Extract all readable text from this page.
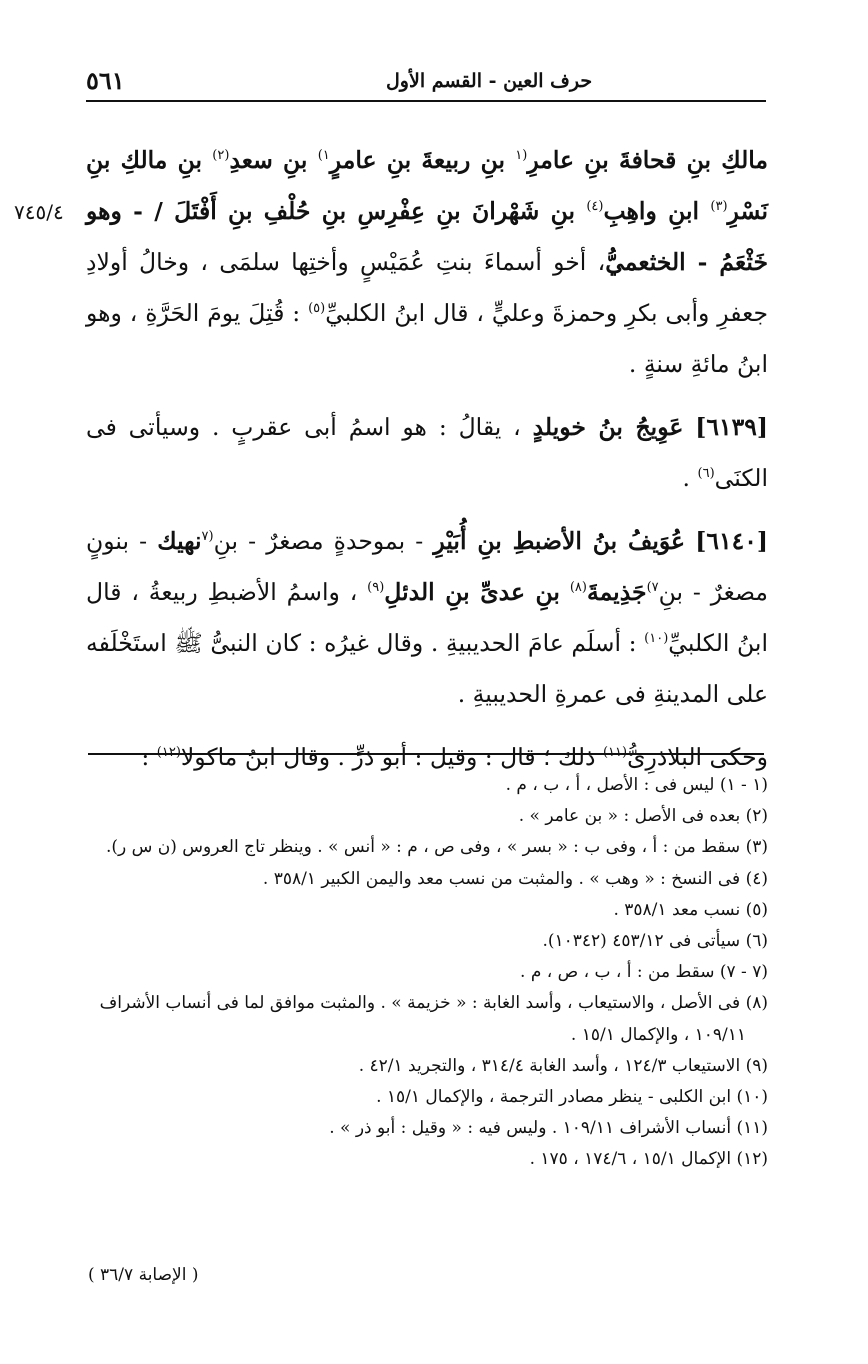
٥٦١	حرف العين - القسم الأول
٧٤٥/٤

مالكِ بنِ قحافةَ بنِ عامرِ$^{(١}$ بنِ ربيعةَ بنِ عامرٍ$^{١)}$ بنِ سعدِ$^{(٢)}$ بنِ مالكِ بنِ نَسْرِ$^{(٣)}$ ابنِ واهِبِ$^{(٤)}$ بنِ شَهْرانَ بنِ عِفْرِسِ بنِ حُلْفِ بنِ أَفْتَلَ / - وهو خَثْعَمُ - الخثعميُّ، أخو أسماءَ بنتِ عُمَيْسٍ وأختِها سلمَى ، وخالُ أولادِ جعفرِ وأبى بكرِ وحمزةَ وعليٍّ ، قال ابنُ الكلبيِّ$^{(٥)}$ : قُتِلَ يومَ الحَرَّةِ ، وهو ابنُ مائةِ سنةٍ .

[٦١٣٩] عَوِيجُ بنُ خويلدٍ ، يقالُ : هو اسمُ أبى عقربٍ . وسيأتى فى الكنَى$^{(٦)}$ .

[٦١٤٠] عُوَيفُ بنُ الأضبطِ بنِ أُبَيْرِ - بموحدةٍ مصغرٌ - بنِ$^{(٧}$نهيك - بنونٍ مصغرٌ - بنِ$^{٧)}$جَذِيمةَ$^{(٨)}$ بنِ عدىِّ بنِ الدئلِ$^{(٩)}$ ، واسمُ الأضبطِ ربيعةُ ، قال ابنُ الكلبيِّ$^{(١٠)}$ : أسلَم عامَ الحديبيةِ . وقال غيرُه : كان النبىُّ ﷺ استَخْلَفه على المدينةِ فى عمرةِ الحديبيةِ .

وحكى البلاذرِىُّ$^{(١١)}$ ذلك ؛ قال : وقيل : أبو ذرٍّ . وقال ابنُ ماكولا$^{(١٢)}$ :

(١ - ١) ليس فى : الأصل ، أ ، ب ، م .
(٢) بعده فى الأصل : « بن عامر » .
(٣) سقط من : أ ، وفى ب : « بسر » ، وفى ص ، م : « أنس » . وينظر تاج العروس (ن س ر).
(٤) فى النسخ : « وهب » . والمثبت من نسب معد واليمن الكبير ٣٥٨/١ .
(٥) نسب معد ٣٥٨/١ .
(٦) سيأتى فى ٤٥٣/١٢ (١٠٣٤٢).
(٧ - ٧) سقط من : أ ، ب ، ص ، م .
(٨) فى الأصل ، والاستيعاب ، وأسد الغابة : « خزيمة » . والمثبت موافق لما فى أنساب الأشراف
١٠٩/١١ ، والإكمال ١٥/١ .
(٩) الاستيعاب ١٢٤/٣ ، وأسد الغابة ٣١٤/٤ ، والتجريد ٤٢/١ .
(١٠) ابن الكلبى - ينظر مصادر الترجمة ، والإكمال ١٥/١ .
(١١) أنساب الأشراف ١٠٩/١١ . وليس فيه : « وقيل : أبو ذر » .
(١٢) الإكمال ١٥/١ ، ١٧٤/٦ ، ١٧٥ .
( الإصابة ٣٦/٧ )
